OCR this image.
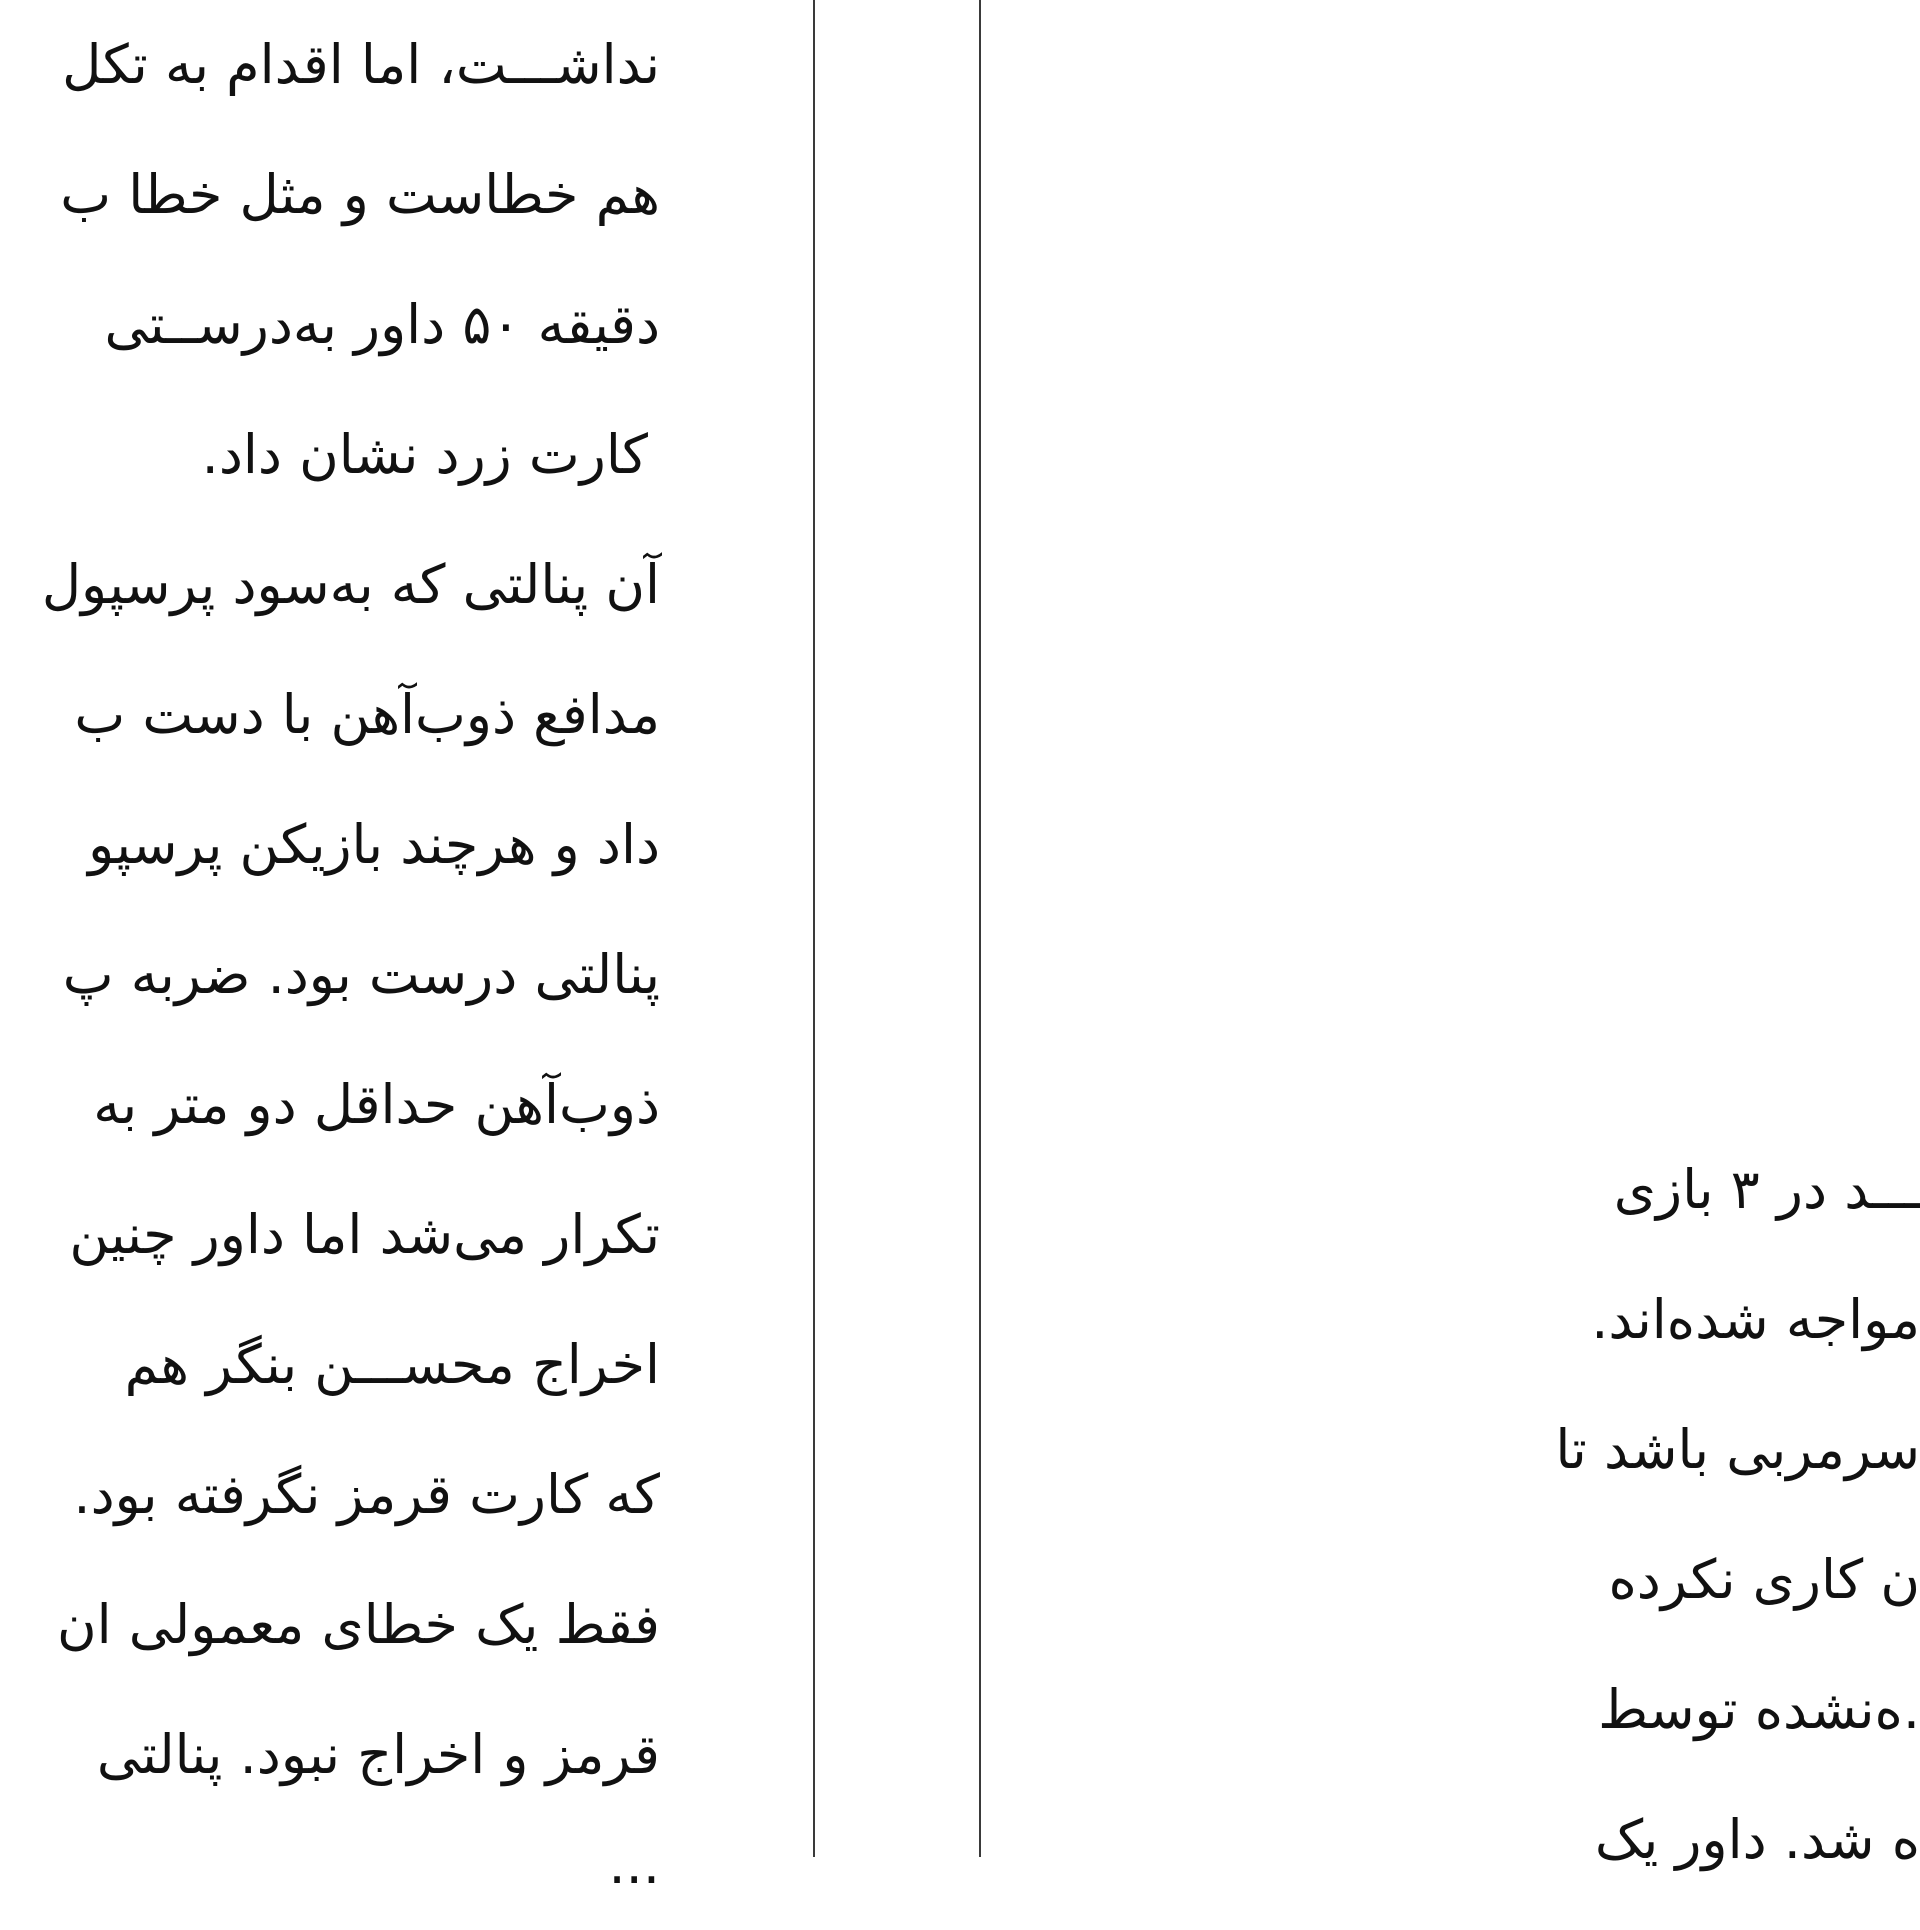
نداشـــت، اما اقدام به تکل
هم خطاست و مثل خطا ب
دقیقه ۵۰ داور به‌درســتی
کارت زرد نشان داد.
آن پنالتی که به‌سود پرسپول
مدافع ذوب‌آهن با دست ب
داد و هرچند بازیکن پرسپو
پنالتی درست بود. ضربه پ
ذوب‌آهن حداقل دو متر به
تکرار می‌شد اما داور چنین
اخراج محســـن بنگر هم
که کارت قرمز نگرفته بود.
فقط یک خطای معمولی ان
قرمز و اخراج نبود. پنالتی
...
ـــد در ۳ بازی
مواجه شده‌اند.
سرمربی باشد تا
ن کاری نکرده
.ه‌نشده توسط
ه شد. داور یک
